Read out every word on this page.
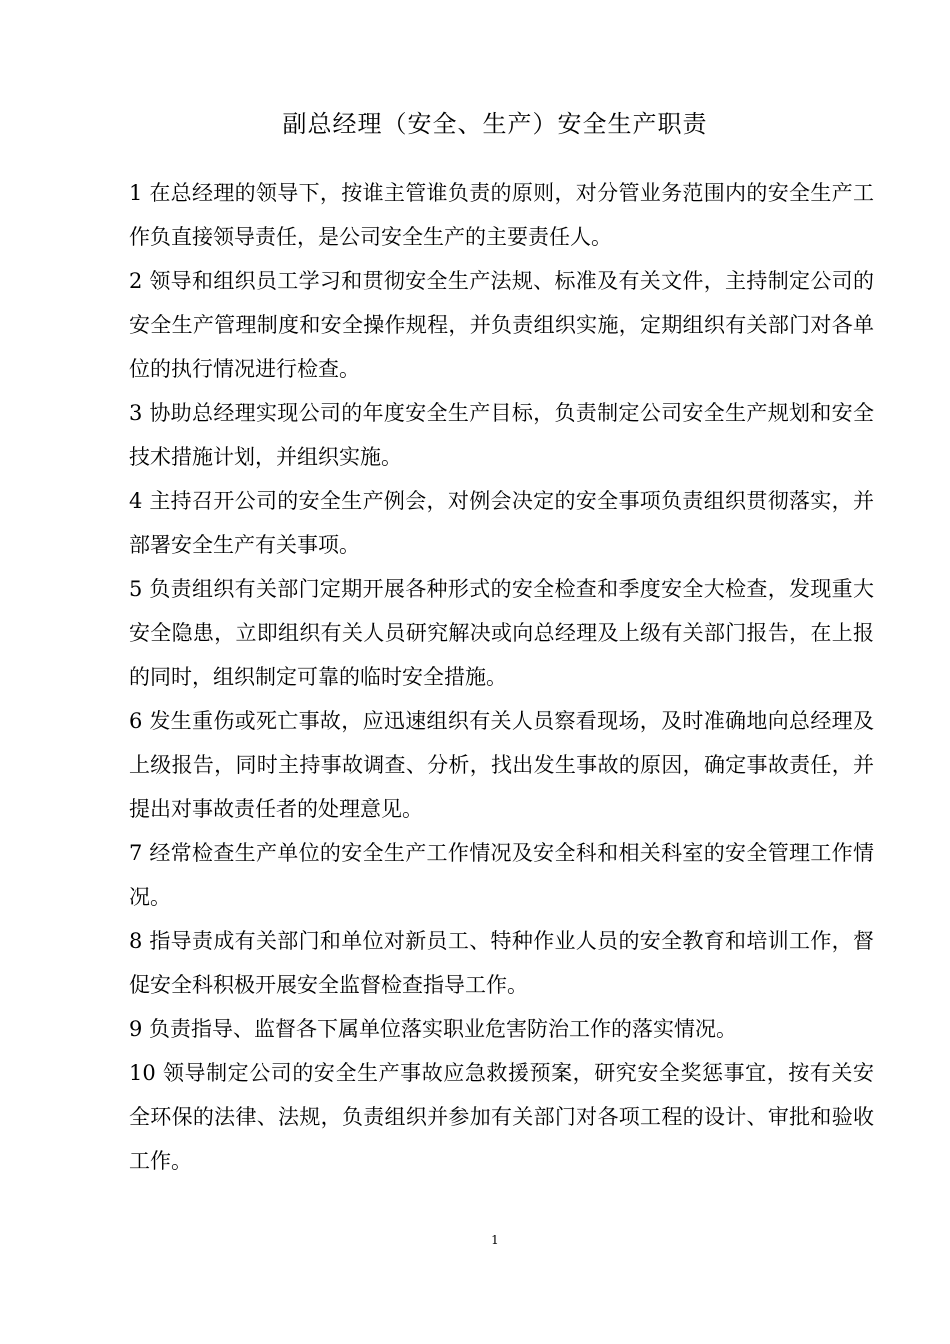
副总经理（安全、生产）安全生产职责

1 在总经理的领导下，按谁主管谁负责的原则，对分管业务范围内的安全生产工作负直接领导责任，是公司安全生产的主要责任人。

2 领导和组织员工学习和贯彻安全生产法规、标准及有关文件，主持制定公司的安全生产管理制度和安全操作规程，并负责组织实施，定期组织有关部门对各单位的执行情况进行检查。

3 协助总经理实现公司的年度安全生产目标，负责制定公司安全生产规划和安全技术措施计划，并组织实施。

4 主持召开公司的安全生产例会，对例会决定的安全事项负责组织贯彻落实，并部署安全生产有关事项。

5 负责组织有关部门定期开展各种形式的安全检查和季度安全大检查，发现重大安全隐患，立即组织有关人员研究解决或向总经理及上级有关部门报告，在上报的同时，组织制定可靠的临时安全措施。

6 发生重伤或死亡事故，应迅速组织有关人员察看现场，及时准确地向总经理及上级报告，同时主持事故调查、分析，找出发生事故的原因，确定事故责任，并提出对事故责任者的处理意见。

7 经常检查生产单位的安全生产工作情况及安全科和相关科室的安全管理工作情况。

8 指导责成有关部门和单位对新员工、特种作业人员的安全教育和培训工作，督促安全科积极开展安全监督检查指导工作。

9 负责指导、监督各下属单位落实职业危害防治工作的落实情况。

10 领导制定公司的安全生产事故应急救援预案，研究安全奖惩事宜，按有关安全环保的法律、法规，负责组织并参加有关部门对各项工程的设计、审批和验收工作。

1
